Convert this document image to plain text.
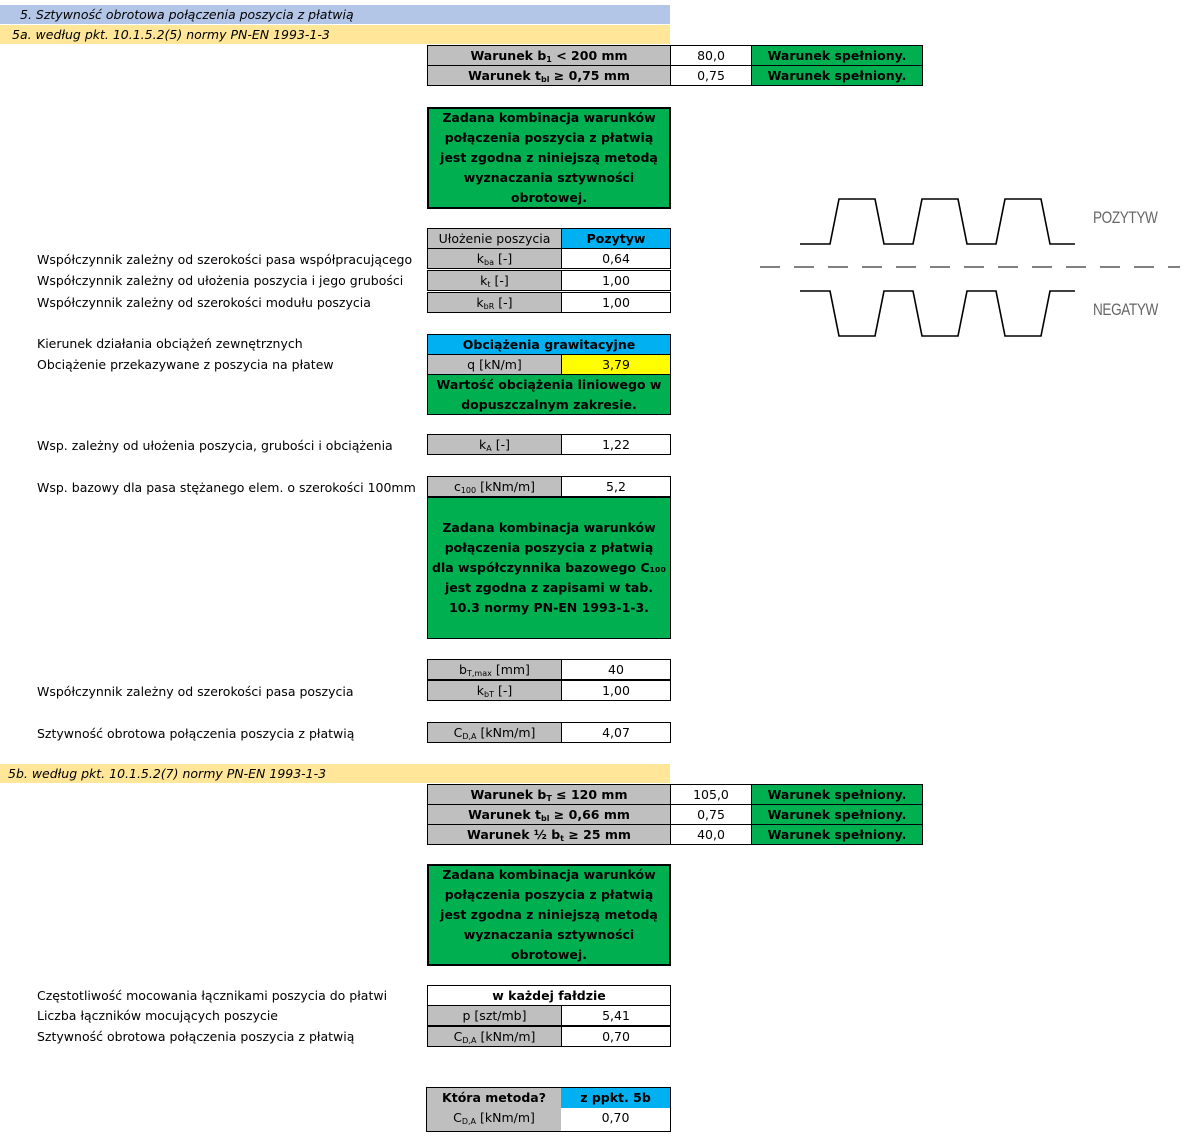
5. Sztywność obrotowa połączenia poszycia z płatwią
5a. według pkt. 10.1.5.2(5) normy PN-EN 1993-1-3
Warunek $b_1 < 200$ mm	80,0	Warunek spełniony.
Warunek $t_{bl} \ge 0,75$ mm	0,75	Warunek spełniony.
Zadana kombinacja warunków połączenia poszycia z płatwią jest zgodna z niniejszą metodą wyznaczania sztywności obrotowej.
Ułożenie poszycia	Pozytyw
Współczynnik zależny od szerokości pasa współpracującego	$k_{ba}$ [-]	0,64
Współczynnik zależny od ułożenia poszycia i jego grubości	$k_t$ [-]	1,00
Współczynnik zależny od szerokości modułu poszycia	$k_{bR}$ [-]	1,00
Kierunek działania obciążeń zewnętrznych	Obciążenia grawitacyjne
Obciążenie przekazywane z poszycia na płatew	q [kN/m]	3,79
Wartość obciążenia liniowego w dopuszczalnym zakresie.
Wsp. zależny od ułożenia poszycia, grubości i obciążenia	$k_A$ [-]	1,22
Wsp. bazowy dla pasa stężanego elem. o szerokości 100mm	$c_{100}$ [kNm/m]	5,2
Zadana kombinacja warunków połączenia poszycia z płatwią dla współczynnika bazowego C₁₀₀ jest zgodna z zapisami w tab. 10.3 normy PN-EN 1993-1-3.
$b_{T,max}$ [mm]	40
Współczynnik zależny od szerokości pasa poszycia	$k_{bT}$ [-]	1,00
Sztywność obrotowa połączenia poszycia z płatwią	$C_{D,A}$ [kNm/m]	4,07
5b. według pkt. 10.1.5.2(7) normy PN-EN 1993-1-3
Warunek $b_T \le 120$ mm	105,0	Warunek spełniony.
Warunek $t_{bl} \ge 0,66$ mm	0,75	Warunek spełniony.
Warunek ½ $b_t \ge 25$ mm	40,0	Warunek spełniony.
Zadana kombinacja warunków połączenia poszycia z płatwią jest zgodna z niniejszą metodą wyznaczania sztywności obrotowej.
Częstotliwość mocowania łącznikami poszycia do płatwi	w każdej fałdzie
Liczba łączników mocujących poszycie	p [szt/mb]	5,41
Sztywność obrotowa połączenia poszycia z płatwią	$C_{D,A}$ [kNm/m]	0,70
Która metoda?	z ppkt. 5b
$C_{D,A}$ [kNm/m]	0,70
POZYTYW
NEGATYW
